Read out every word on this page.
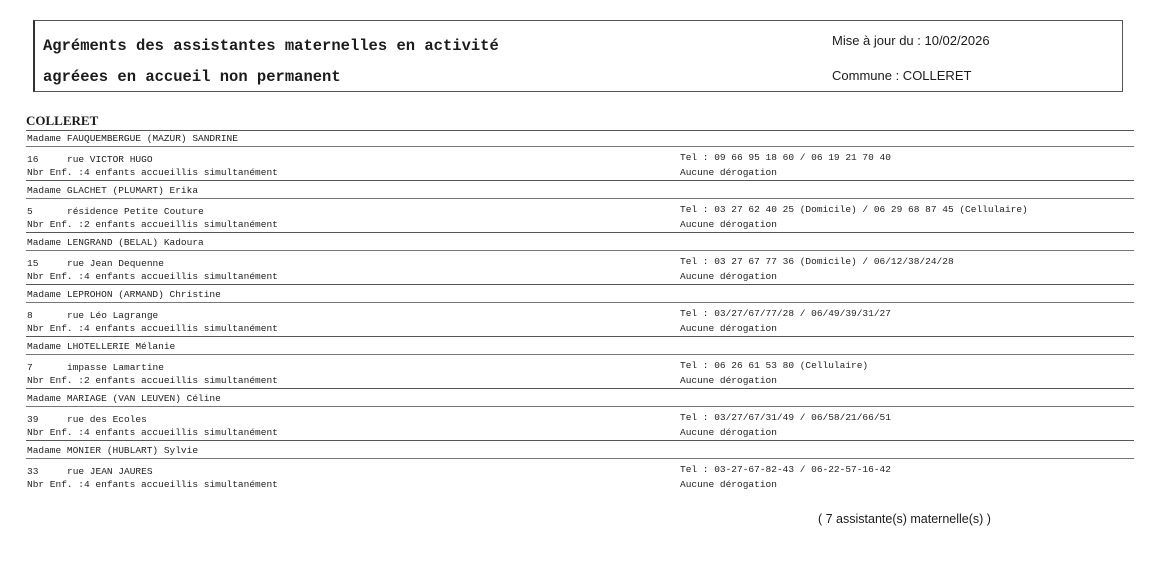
Agréments des assistantes maternelles en activité
agréees en accueil non permanent
Mise à jour du : 10/02/2026
Commune : COLLERET
COLLERET
Madame FAUQUEMBERGUE (MAZUR) SANDRINE
16	rue VICTOR HUGO
Nbr Enf. :4 enfants accueillis simultanément
Tel : 09 66 95 18 60 / 06 19 21 70 40
Aucune dérogation
Madame GLACHET (PLUMART) Erika
5	résidence Petite Couture
Nbr Enf. :2 enfants accueillis simultanément
Tel : 03 27 62 40 25 (Domicile) / 06 29 68 87 45 (Cellulaire)
Aucune dérogation
Madame LENGRAND (BELAL) Kadoura
15	rue Jean Dequenne
Nbr Enf. :4 enfants accueillis simultanément
Tel : 03 27 67 77 36 (Domicile) / 06/12/38/24/28
Aucune dérogation
Madame LEPROHON (ARMAND) Christine
8	rue Léo Lagrange
Nbr Enf. :4 enfants accueillis simultanément
Tel : 03/27/67/77/28 / 06/49/39/31/27
Aucune dérogation
Madame LHOTELLERIE Mélanie
7	impasse Lamartine
Nbr Enf. :2 enfants accueillis simultanément
Tel : 06 26 61 53 80 (Cellulaire)
Aucune dérogation
Madame MARIAGE (VAN LEUVEN) Céline
39	rue des Ecoles
Nbr Enf. :4 enfants accueillis simultanément
Tel : 03/27/67/31/49 / 06/58/21/66/51
Aucune dérogation
Madame MONIER (HUBLART) Sylvie
33	rue JEAN JAURES
Nbr Enf. :4 enfants accueillis simultanément
Tel : 03-27-67-82-43 / 06-22-57-16-42
Aucune dérogation
( 7 assistante(s) maternelle(s) )
